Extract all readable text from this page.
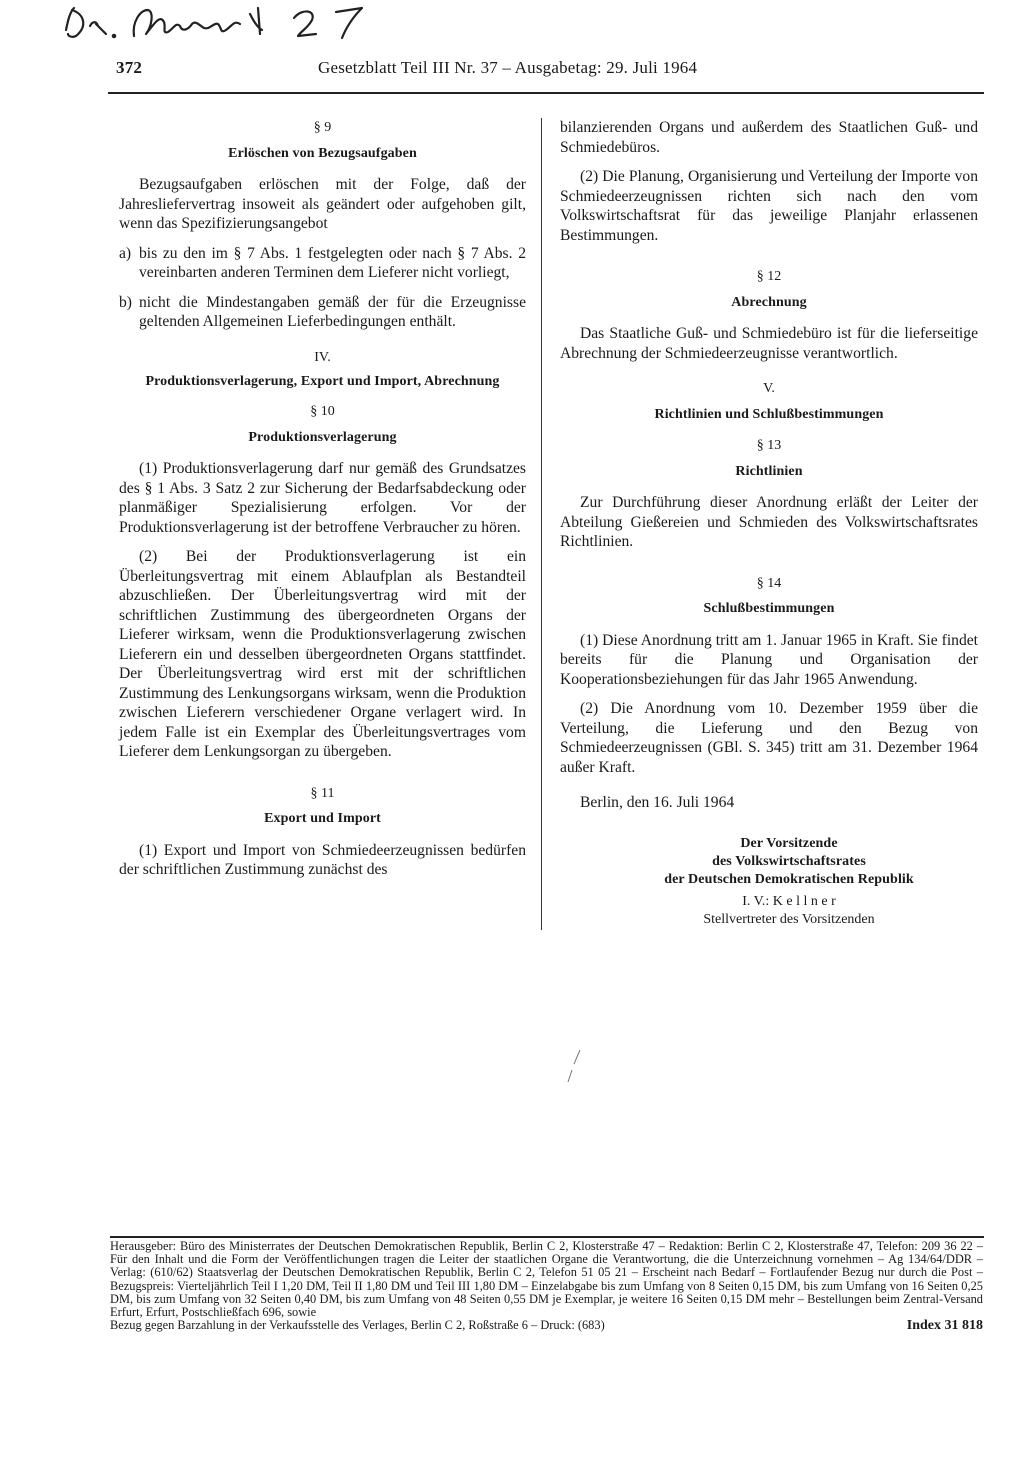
372	Gesetzblatt Teil III Nr. 37 – Ausgabetag: 29. Juli 1964
§ 9
Erlöschen von Bezugsaufgaben

Bezugsaufgaben erlöschen mit der Folge, daß der Jahresliefervertrag insoweit als geändert oder aufgehoben gilt, wenn das Spezifizierungsangebot

a) bis zu den im § 7 Abs. 1 festgelegten oder nach § 7 Abs. 2 vereinbarten anderen Terminen dem Lieferer nicht vorliegt,
b) nicht die Mindestangaben gemäß der für die Erzeugnisse geltenden Allgemeinen Lieferbedingungen enthält.
IV.
Produktionsverlagerung, Export und Import, Abrechnung
§ 10
Produktionsverlagerung

(1) Produktionsverlagerung darf nur gemäß des Grundsatzes des § 1 Abs. 3 Satz 2 zur Sicherung der Bedarfsabdeckung oder planmäßiger Spezialisierung erfolgen. Vor der Produktionsverlagerung ist der betroffene Verbraucher zu hören.

(2) Bei der Produktionsverlagerung ist ein Überleitungsvertrag mit einem Ablaufplan als Bestandteil abzuschließen. Der Überleitungsvertrag wird mit der schriftlichen Zustimmung des übergeordneten Organs der Lieferer wirksam, wenn die Produktionsverlagerung zwischen Lieferern ein und desselben übergeordneten Organs stattfindet. Der Überleitungsvertrag wird erst mit der schriftlichen Zustimmung des Lenkungsorgans wirksam, wenn die Produktion zwischen Lieferern verschiedener Organe verlagert wird. In jedem Falle ist ein Exemplar des Überleitungsvertrages vom Lieferer dem Lenkungsorgan zu übergeben.

§ 11
Export und Import

(1) Export und Import von Schmiedeerzeugnissen bedürfen der schriftlichen Zustimmung zunächst des

bilanzierenden Organs und außerdem des Staatlichen Guß- und Schmiedebüros.

(2) Die Planung, Organisierung und Verteilung der Importe von Schmiedeerzeugnissen richten sich nach den vom Volkswirtschaftsrat für das jeweilige Planjahr erlassenen Bestimmungen.

§ 12
Abrechnung

Das Staatliche Guß- und Schmiedebüro ist für die lieferseitige Abrechnung der Schmiedeerzeugnisse verantwortlich.

V.
Richtlinien und Schlußbestimmungen
§ 13
Richtlinien

Zur Durchführung dieser Anordnung erläßt der Leiter der Abteilung Gießereien und Schmieden des Volkswirtschaftsrates Richtlinien.

§ 14
Schlußbestimmungen

(1) Diese Anordnung tritt am 1. Januar 1965 in Kraft. Sie findet bereits für die Planung und Organisation der Kooperationsbeziehungen für das Jahr 1965 Anwendung.

(2) Die Anordnung vom 10. Dezember 1959 über die Verteilung, die Lieferung und den Bezug von Schmiedeerzeugnissen (GBl. S. 345) tritt am 31. Dezember 1964 außer Kraft.

Berlin, den 16. Juli 1964

Der Vorsitzende
des Volkswirtschaftsrates
der Deutschen Demokratischen Republik
I. V.: K e l l n e r
Stellvertreter des Vorsitzenden
Herausgeber: Büro des Ministerrates der Deutschen Demokratischen Republik, Berlin C 2, Klosterstraße 47 – Redaktion: Berlin C 2, Klosterstraße 47, Telefon: 209 36 22 – Für den Inhalt und die Form der Veröffentlichungen tragen die Leiter der staatlichen Organe die Verantwortung, die die Unterzeichnung vornehmen – Ag 134/64/DDR – Verlag: (610/62) Staatsverlag der Deutschen Demokratischen Republik, Berlin C 2, Telefon 51 05 21 – Erscheint nach Bedarf – Fortlaufender Bezug nur durch die Post – Bezugspreis: Vierteljährlich Teil I 1,20 DM, Teil II 1,80 DM und Teil III 1,80 DM – Einzelabgabe bis zum Umfang von 8 Seiten 0,15 DM, bis zum Umfang von 16 Seiten 0,25 DM, bis zum Umfang von 32 Seiten 0,40 DM, bis zum Umfang von 48 Seiten 0,55 DM je Exemplar, je weitere 16 Seiten 0,15 DM mehr – Bestellungen beim Zentral-Versand Erfurt, Erfurt, Postschließfach 696, sowie
Bezug gegen Barzahlung in der Verkaufsstelle des Verlages, Berlin C 2, Roßstraße 6 – Druck: (683)	Index 31 818
